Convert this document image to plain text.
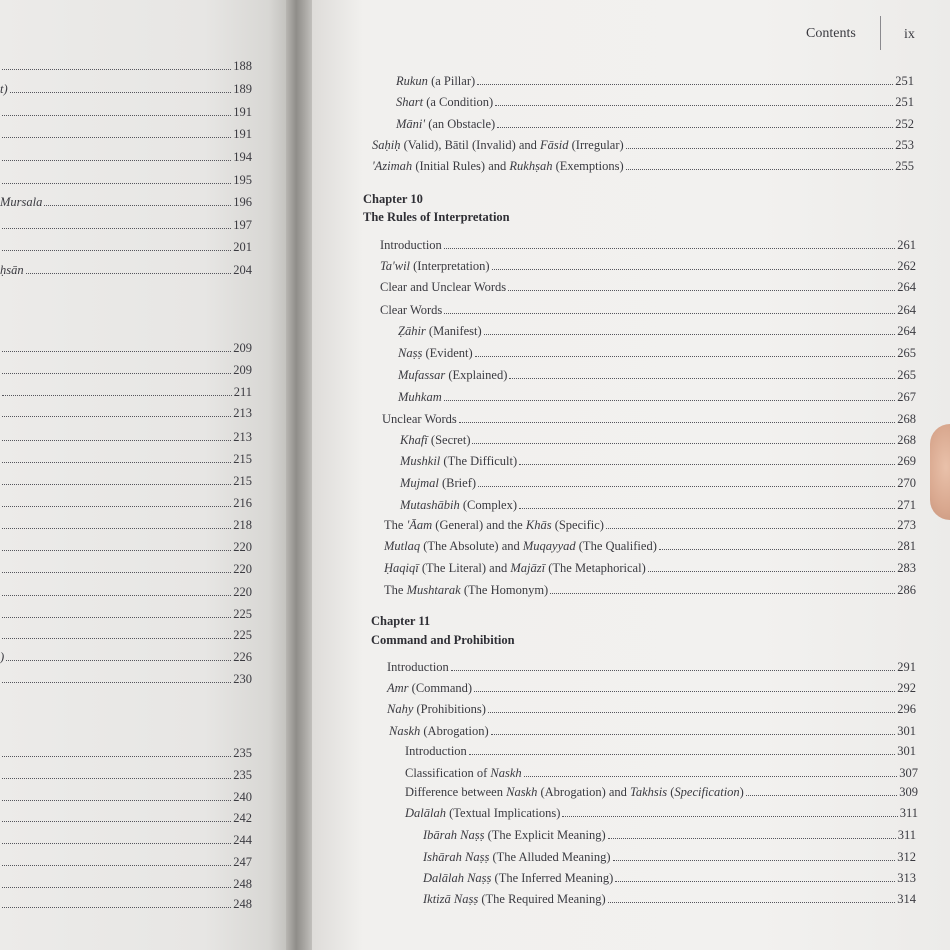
188
t)	189
191
191
194
195
Mursala	196
197
201
ḥsān	204
209
209
211
213
213
215
215
216
218
220
220
220
225
225
)	226
230
235
235
240
242
244
247
248
248
Contents	ix
Chapter 10
The Rules of Interpretation
Chapter 11
Command and Prohibition
Rukun (a Pillar)	251
Shart (a Condition)	251
Māni' (an Obstacle)	252
Saḥiḥ (Valid), Bātil (Invalid) and Fāsid (Irregular)	253
'Azimah (Initial Rules) and Rukhṣah (Exemptions)	255
Introduction	261
Ta'wil (Interpretation)	262
Clear and Unclear Words	264
Clear Words	264
Ẓāhir (Manifest)	264
Naṣṣ (Evident)	265
Mufassar (Explained)	265
Muhkam	267
Unclear Words	268
Khafī (Secret)	268
Mushkil (The Difficult)	269
Mujmal (Brief)	270
Mutashābih (Complex)	271
The 'Āam (General) and the Khās (Specific)	273
Mutlaq (The Absolute) and Muqayyad (The Qualified)	281
Ḥaqiqī (The Literal) and Majāzī (The Metaphorical)	283
The Mushtarak (The Homonym)	286
Introduction	291
Amr (Command)	292
Nahy (Prohibitions)	296
Naskh (Abrogation)	301
Introduction	301
Classification of Naskh	307
Difference between Naskh (Abrogation) and Takhsis (Specification)	309
Dalālah (Textual Implications)	311
Ibārah Naṣṣ (The Explicit Meaning)	311
Ishārah Naṣṣ (The Alluded Meaning)	312
Dalālah Naṣṣ (The Inferred Meaning)	313
Iktizā Naṣṣ (The Required Meaning)	314
